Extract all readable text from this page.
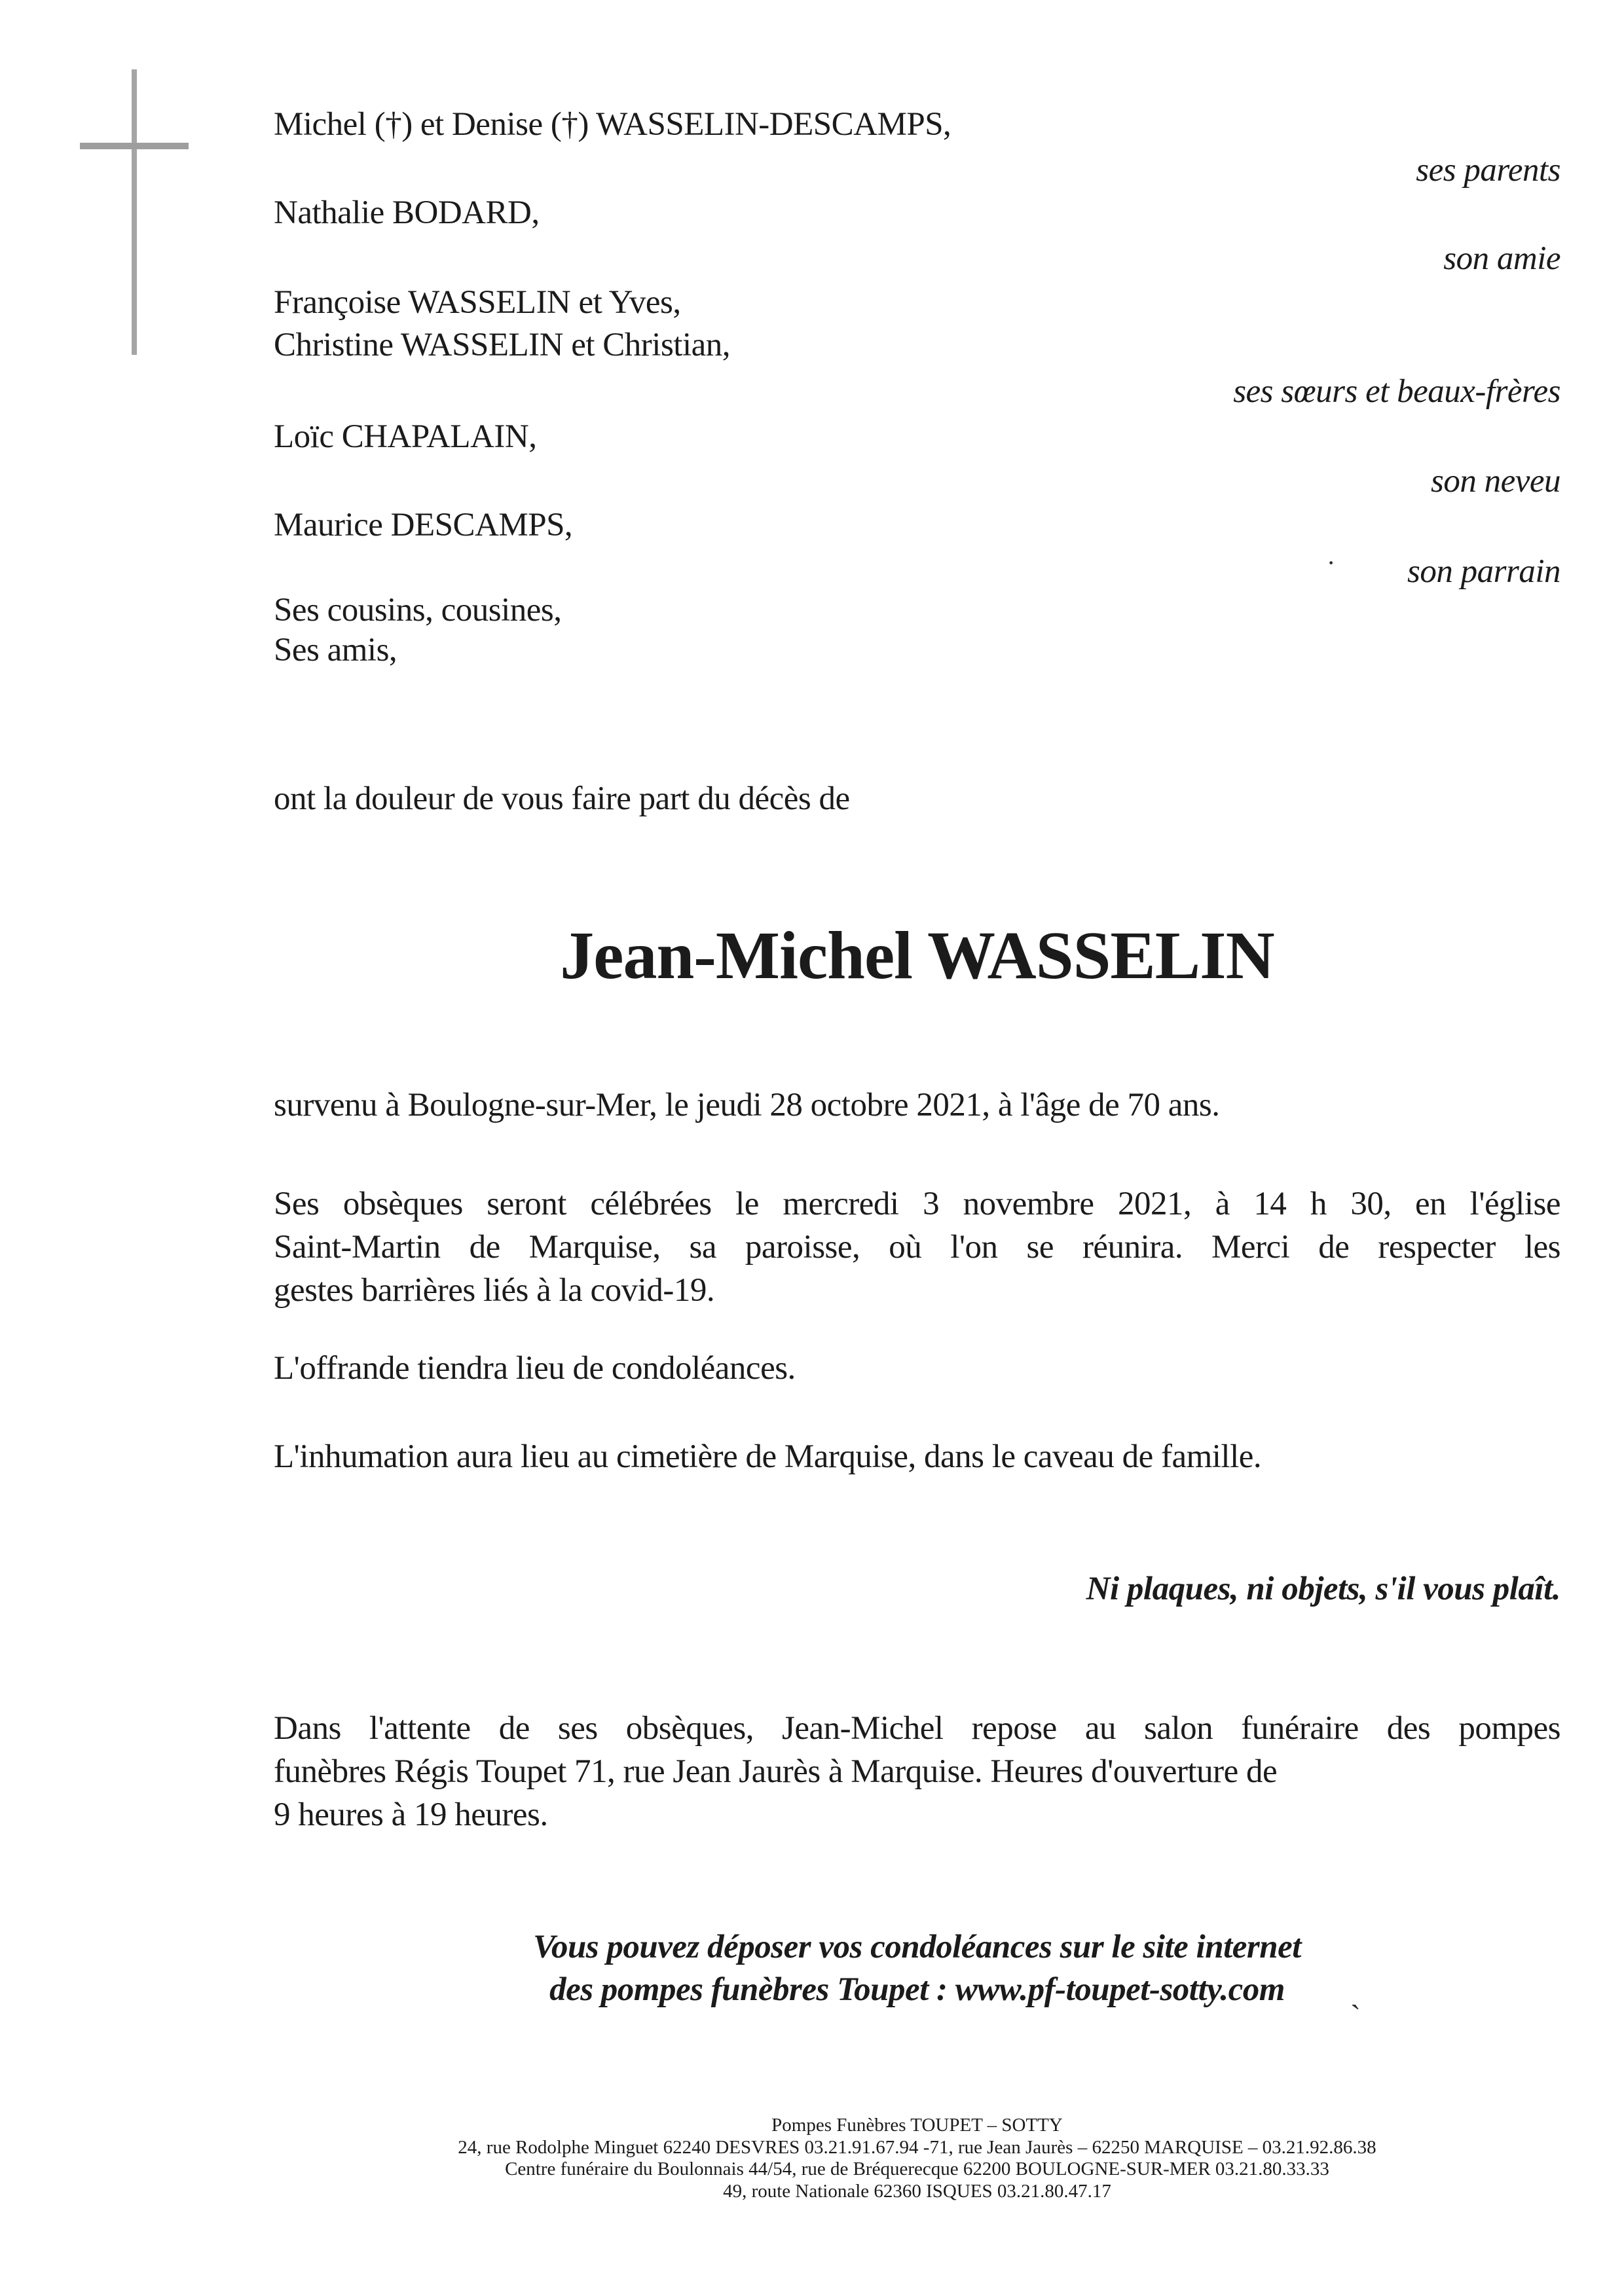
Michel (†) et Denise (†) WASSELIN-DESCAMPS,
ses parents
Nathalie BODARD,
son amie
Françoise WASSELIN et Yves,
Christine WASSELIN et Christian,
ses sœurs et beaux-frères
Loïc CHAPALAIN,
son neveu
Maurice DESCAMPS,
son parrain
Ses cousins, cousines,
Ses amis,
ont la douleur de vous faire part du décès de
Jean-Michel WASSELIN
survenu à Boulogne-sur-Mer, le jeudi 28 octobre 2021, à l'âge de 70 ans.
Ses obsèques seront célébrées le mercredi 3 novembre 2021, à 14 h 30, en l'église
Saint-Martin de Marquise, sa paroisse, où l'on se réunira. Merci de respecter les
gestes barrières liés à la covid-19.
L'offrande tiendra lieu de condoléances.
L'inhumation aura lieu au cimetière de Marquise, dans le caveau de famille.
Ni plaques, ni objets, s'il vous plaît.
Dans l'attente de ses obsèques, Jean-Michel repose au salon funéraire des pompes
funèbres Régis Toupet 71, rue Jean Jaurès à Marquise. Heures d'ouverture de
9 heures à 19 heures.
Vous pouvez déposer vos condoléances sur le site internet
des pompes funèbres Toupet : www.pf-toupet-sotty.com
Pompes Funèbres TOUPET – SOTTY
24, rue Rodolphe Minguet 62240 DESVRES 03.21.91.67.94 -71, rue Jean Jaurès – 62250 MARQUISE – 03.21.92.86.38
Centre funéraire du Boulonnais 44/54, rue de Bréquerecque 62200 BOULOGNE-SUR-MER 03.21.80.33.33
49, route Nationale 62360 ISQUES 03.21.80.47.17
·
`
